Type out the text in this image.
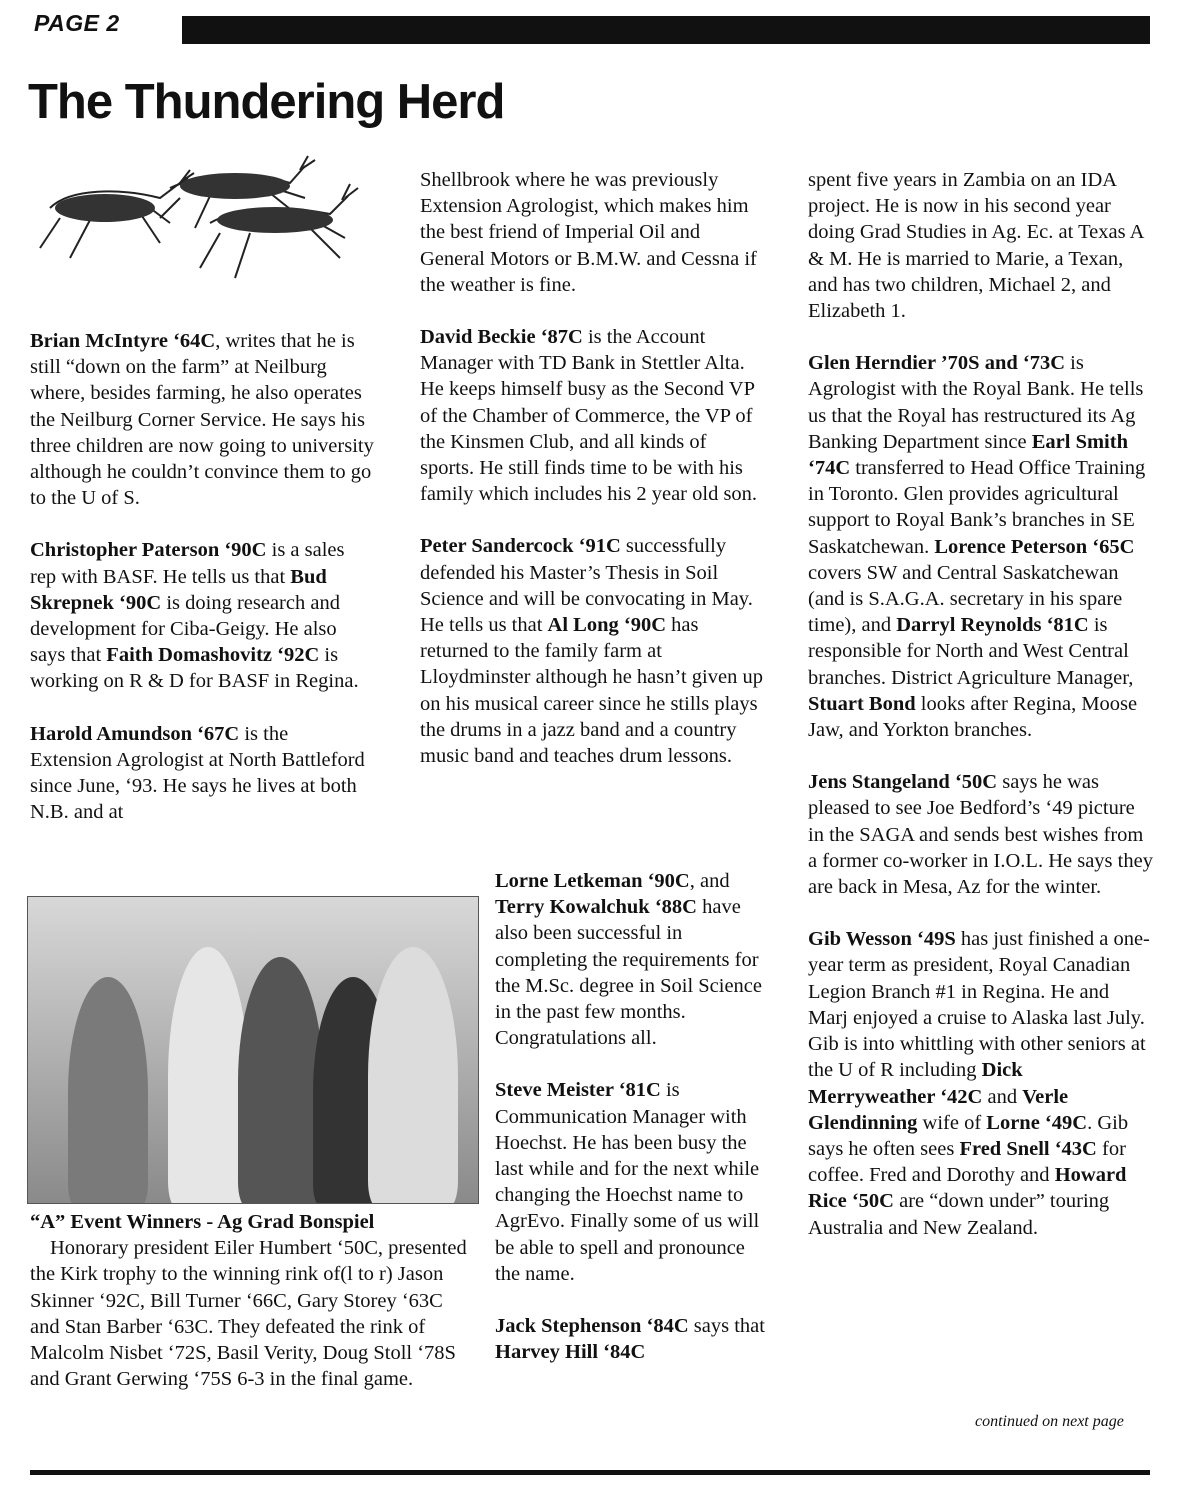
PAGE 2
The Thundering Herd

Brian McIntyre ‘64C, writes that he is still “down on the farm” at Neilburg where, besides farming, he also operates the Neilburg Corner Service. He says his three children are now going to university although he couldn’t convince them to go to the U of S.

Christopher Paterson ‘90C is a sales rep with BASF. He tells us that Bud Skrepnek ‘90C is doing research and development for Ciba-Geigy. He also says that Faith Domashovitz ‘92C is working on R & D for BASF in Regina.

Harold Amundson ‘67C is the Extension Agrologist at North Battleford since June, ‘93. He says he lives at both N.B. and at

“A” Event Winners - Ag Grad Bonspiel

Honorary president Eiler Humbert ‘50C, presented the Kirk trophy to the winning rink of(l to r) Jason Skinner ‘92C, Bill Turner ‘66C, Gary Storey ‘63C and Stan Barber ‘63C. They defeated the rink of Malcolm Nisbet ‘72S, Basil Verity, Doug Stoll ‘78S and Grant Gerwing ‘75S 6-3 in the final game.

Shellbrook where he was previously Extension Agrologist, which makes him the best friend of Imperial Oil and General Motors or B.M.W. and Cessna if the weather is fine.

David Beckie ‘87C is the Account Manager with TD Bank in Stettler Alta. He keeps himself busy as the Second VP of the Chamber of Commerce, the VP of the Kinsmen Club, and all kinds of sports. He still finds time to be with his family which includes his 2 year old son.

Peter Sandercock ‘91C successfully defended his Master’s Thesis in Soil Science and will be convocating in May. He tells us that Al Long ‘90C has returned to the family farm at Lloydminster although he hasn’t given up on his musical career since he stills plays the drums in a jazz band and a country music band and teaches drum lessons.

Lorne Letkeman ‘90C, and Terry Kowalchuk ‘88C have also been successful in completing the requirements for the M.Sc. degree in Soil Science in the past few months. Congratulations all.

Steve Meister ‘81C is Communication Manager with Hoechst. He has been busy the last while and for the next while changing the Hoechst name to AgrEvo. Finally some of us will be able to spell and pronounce the name.

Jack Stephenson ‘84C says that Harvey Hill ‘84C

spent five years in Zambia on an IDA project. He is now in his second year doing Grad Studies in Ag. Ec. at Texas A & M. He is married to Marie, a Texan, and has two children, Michael 2, and Elizabeth 1.

Glen Herndier ’70S and ‘73C is Agrologist with the Royal Bank. He tells us that the Royal has restructured its Ag Banking Department since Earl Smith ‘74C transferred to Head Office Training in Toronto. Glen provides agricultural support to Royal Bank’s branches in SE Saskatchewan. Lorence Peterson ‘65C covers SW and Central Saskatchewan (and is S.A.G.A. secretary in his spare time), and Darryl Reynolds ‘81C is responsible for North and West Central branches. District Agriculture Manager, Stuart Bond looks after Regina, Moose Jaw, and Yorkton branches.

Jens Stangeland ‘50C says he was pleased to see Joe Bedford’s ‘49 picture in the SAGA and sends best wishes from a former co-worker in I.O.L. He says they are back in Mesa, Az for the winter.

Gib Wesson ‘49S has just finished a one-year term as president, Royal Canadian Legion Branch #1 in Regina. He and Marj enjoyed a cruise to Alaska last July. Gib is into whittling with other seniors at the U of R including Dick Merryweather ‘42C and Verle Glendinning wife of Lorne ‘49C. Gib says he often sees Fred Snell ‘43C for coffee. Fred and Dorothy and Howard Rice ‘50C are “down under” touring Australia and New Zealand.

continued on next page
